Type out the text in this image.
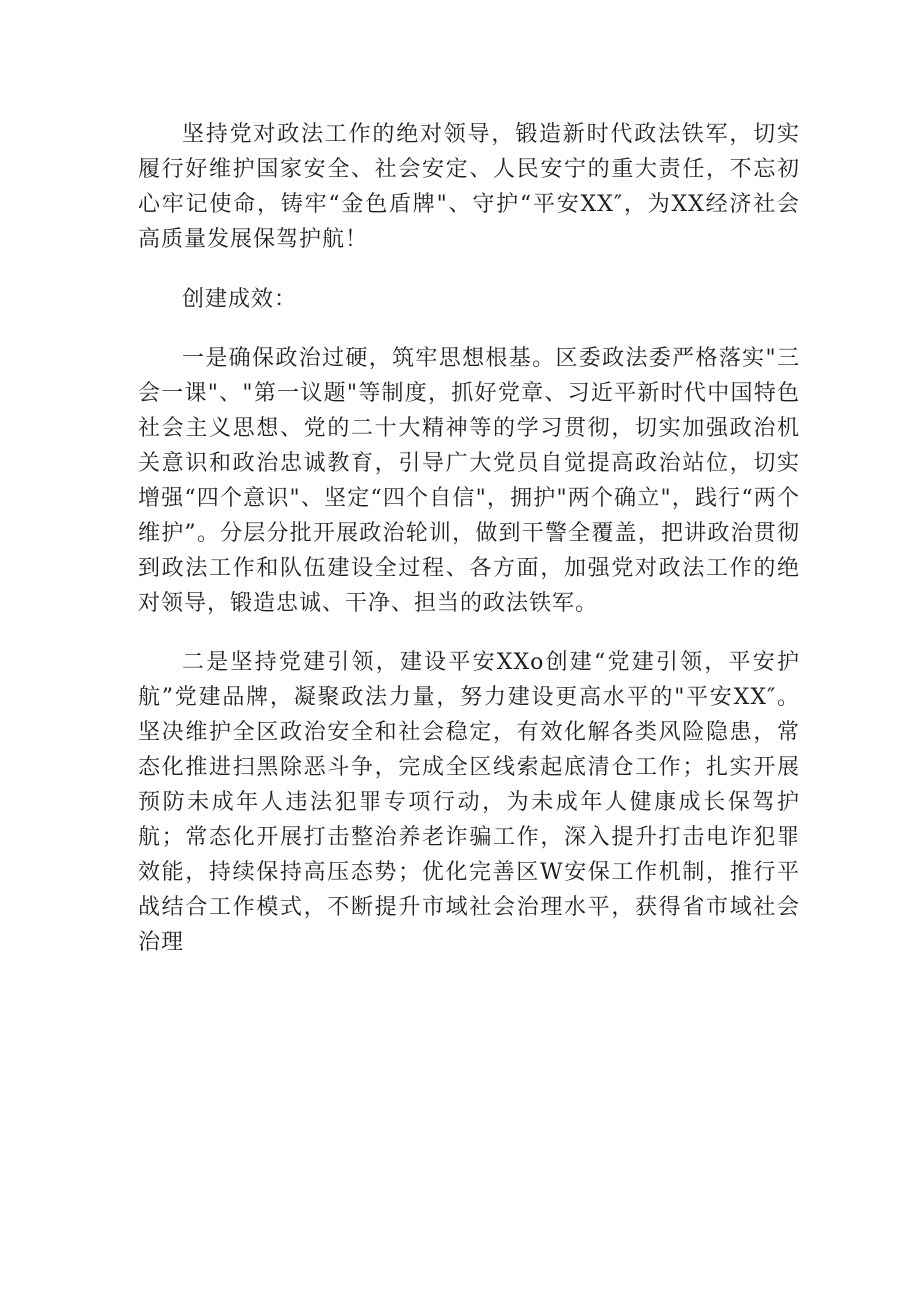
坚持党对政法工作的绝对领导，锻造新时代政法铁军，切实履行好维护国家安全、社会安定、人民安宁的重大责任，不忘初心牢记使命，铸牢“金色盾牌"、守护“平安XX″，为XX经济社会高质量发展保驾护航！

创建成效：

一是确保政治过硬，筑牢思想根基。区委政法委严格落实"三会一课"、"第一议题"等制度，抓好党章、习近平新时代中国特色社会主义思想、党的二十大精神等的学习贯彻，切实加强政治机关意识和政治忠诚教育，引导广大党员自觉提高政治站位，切实增强“四个意识"、坚定“四个自信"，拥护"两个确立"，践行“两个维护”。分层分批开展政治轮训，做到干警全覆盖，把讲政治贯彻到政法工作和队伍建设全过程、各方面，加强党对政法工作的绝对领导，锻造忠诚、干净、担当的政法铁军。

二是坚持党建引领，建设平安XXo创建“党建引领，平安护航”党建品牌，凝聚政法力量，努力建设更高水平的"平安XX″。坚决维护全区政治安全和社会稳定，有效化解各类风险隐患，常态化推进扫黑除恶斗争，完成全区线索起底清仓工作；扎实开展预防未成年人违法犯罪专项行动，为未成年人健康成长保驾护航；常态化开展打击整治养老诈骗工作，深入提升打击电诈犯罪效能，持续保持高压态势；优化完善区W安保工作机制，推行平战结合工作模式，不断提升市域社会治理水平，获得省市域社会治理
